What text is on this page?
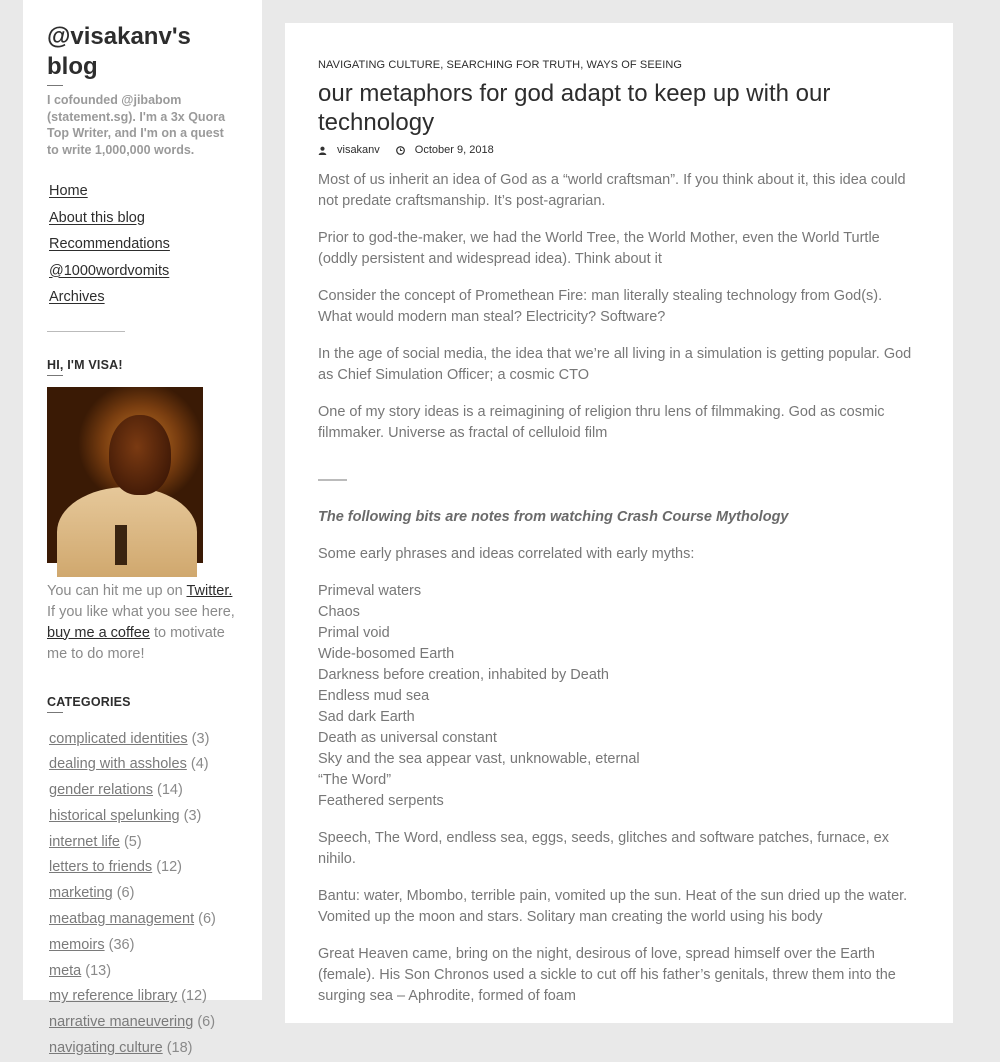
@visakanv's blog

I cofounded @jibabom (statement.sg). I'm a 3x Quora Top Writer, and I'm on a quest to write 1,000,000 words.

Home
About this blog
Recommendations
@1000wordvomits
Archives
HI, I'M VISA!

You can hit me up on Twitter. If you like what you see here, buy me a coffee to motivate me to do more!

CATEGORIES
complicated identities (3)
dealing with assholes (4)
gender relations (14)
historical spelunking (3)
internet life (5)
letters to friends (12)
marketing (6)
meatbag management (6)
memoirs (36)
meta (13)
my reference library (12)
narrative maneuvering (6)
navigating culture (18)
NAVIGATING CULTURE, SEARCHING FOR TRUTH, WAYS OF SEEING
our metaphors for god adapt to keep up with our technology
visakanv	October 9, 2018

Most of us inherit an idea of God as a “world craftsman”. If you think about it, this idea could not predate craftsmanship. It’s post-agrarian.

Prior to god-the-maker, we had the World Tree, the World Mother, even the World Turtle (oddly persistent and widespread idea). Think about it

Consider the concept of Promethean Fire: man literally stealing technology from God(s). What would modern man steal? Electricity? Software?

In the age of social media, the idea that we’re all living in a simulation is getting popular. God as Chief Simulation Officer; a cosmic CTO

One of my story ideas is a reimagining of religion thru lens of filmmaking. God as cosmic filmmaker. Universe as fractal of celluloid film

——

The following bits are notes from watching Crash Course Mythology

Some early phrases and ideas correlated with early myths:

Primeval waters
Chaos
Primal void
Wide-bosomed Earth
Darkness before creation, inhabited by Death
Endless mud sea
Sad dark Earth
Death as universal constant
Sky and the sea appear vast, unknowable, eternal
“The Word”
Feathered serpents

Speech, The Word, endless sea, eggs, seeds, glitches and software patches, furnace, ex nihilo.

Bantu: water, Mbombo, terrible pain, vomited up the sun. Heat of the sun dried up the water. Vomited up the moon and stars. Solitary man creating the world using his body

Great Heaven came, bring on the night, desirous of love, spread himself over the Earth (female). His Son Chronos used a sickle to cut off his father’s genitals, threw them into the surging sea – Aphrodite, formed of foam
